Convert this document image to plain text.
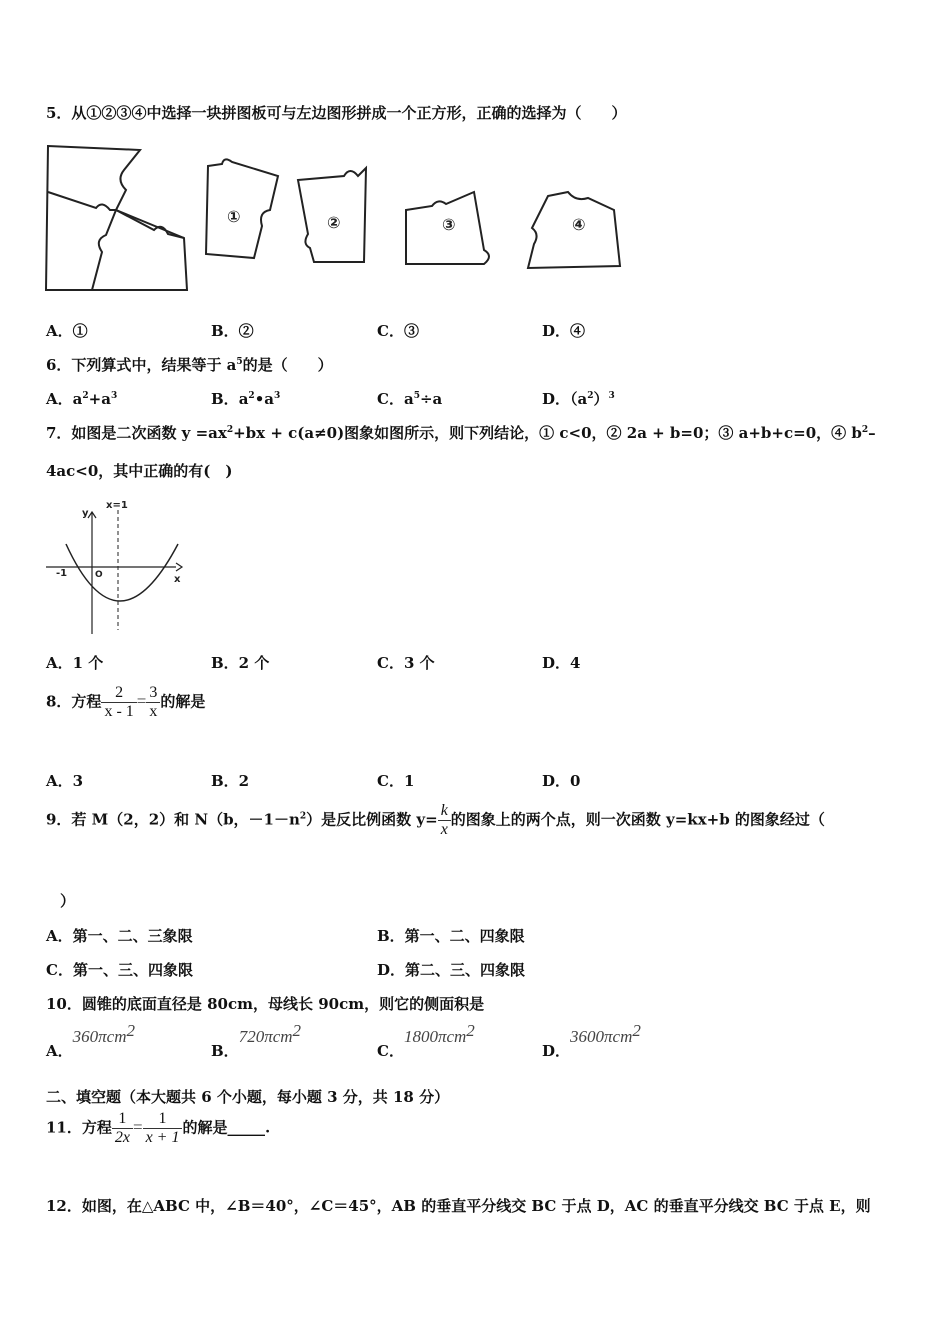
5．从①②③④中选择一块拼图板可与左边图形拼成一个正方形，正确的选择为（　　）
①	②	③	④
A．①	B．②	C．③	D．④
6．下列算式中，结果等于 $a^5$的是（　　）
A．$a^2+a^3$	B．$a^2•a^3$	C．$a^5\div a$	D．$(a^2)^3$
7．如图是二次函数 $y =ax^2+bx + c(a\ne 0)$图象如图所示，则下列结论，① c<0，② 2a + b=0；③ a+b+c=0，④ $b^2-$
4ac<0，其中正确的有(　)
y
x=1
-1	O	x
A．1 个	B．2 个	C．3 个	D．4
8．方程 $\frac{2}{x - 1} = \frac{3}{x}$ 的解是
A．3	B．2	C．1	D．0
9．若 M（2，2）和 N（b，$-1-n^2$）是反比例函数 $y= \frac{k}{x}$ 的图象上的两个点，则一次函数 y=kx+b 的图象经过（
）
A．第一、二、三象限	B．第一、二、四象限
C．第一、三、四象限	D．第二、三、四象限
10．圆锥的底面直径是 80cm，母线长 90cm，则它的侧面积是
A．360πcm$^2$
B．720πcm$^2$
C．1800πcm$^2$
D．3600πcm$^2$
二、填空题（本大题共 6 个小题，每小题 3 分，共 18 分）
11．方程 $\frac{1}{2x} = \frac{1}{x + 1}$ 的解是_____.
12．如图，在△ABC 中，∠B＝40°，∠C＝45°，AB 的垂直平分线交 BC 于点 D，AC 的垂直平分线交 BC 于点 E，则
